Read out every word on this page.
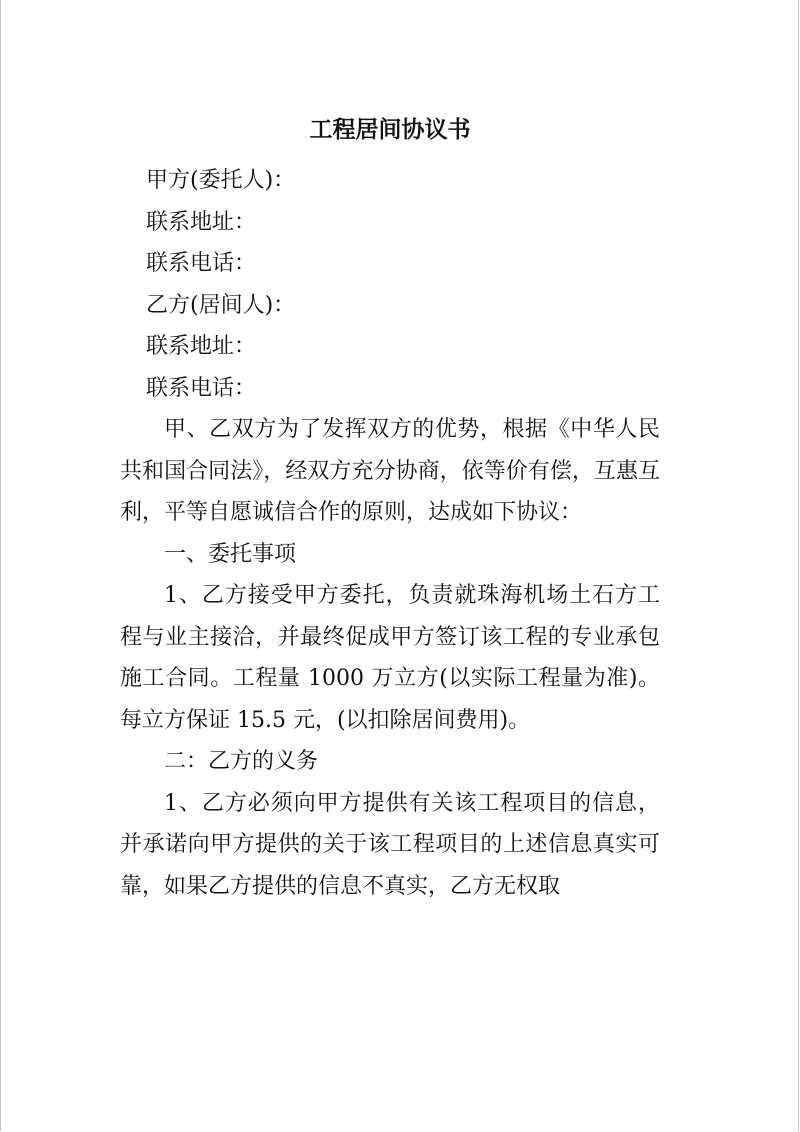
工程居间协议书
甲方(委托人)：
联系地址：
联系电话：
乙方(居间人)：
联系地址：
联系电话：

甲、乙双方为了发挥双方的优势，根据《中华人民共和国合同法》，经双方充分协商，依等价有偿，互惠互利，平等自愿诚信合作的原则，达成如下协议：

一、委托事项

1、乙方接受甲方委托，负责就珠海机场土石方工程与业主接洽，并最终促成甲方签订该工程的专业承包施工合同。工程量 1000 万立方(以实际工程量为准)。每立方保证 15.5 元，(以扣除居间费用)。

二：乙方的义务

1、乙方必须向甲方提供有关该工程项目的信息，并承诺向甲方提供的关于该工程项目的上述信息真实可靠，如果乙方提供的信息不真实，乙方无权取
